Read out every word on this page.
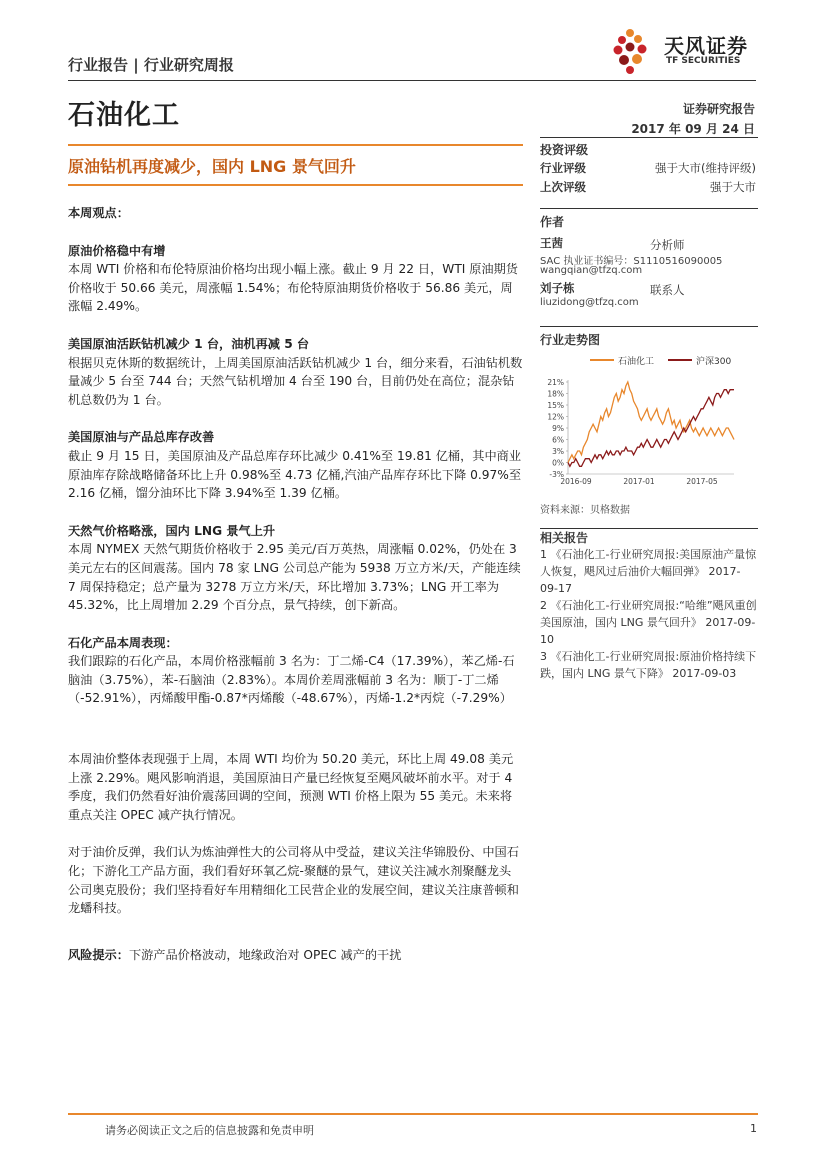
行业报告 | 行业研究周报
天风证券
TF SECURITIES
石油化工	证券研究报告
2017 年 09 月 24 日
原油钻机再度减少，国内 LNG 景气回升
本周观点：
原油价格稳中有增

本周 WTI 价格和布伦特原油价格均出现小幅上涨。截止 9 月 22 日，WTI 原油期货价格收于 50.66 美元，周涨幅 1.54%；布伦特原油期货价格收于 56.86 美元，周涨幅 2.49%。

美国原油活跃钻机减少 1 台，油机再减 5 台

根据贝克休斯的数据统计，上周美国原油活跃钻机减少 1 台，细分来看，石油钻机数量减少 5 台至 744 台；天然气钻机增加 4 台至 190 台，目前仍处在高位；混杂钻机总数仍为 1 台。

美国原油与产品总库存改善

截止 9 月 15 日，美国原油及产品总库存环比减少 0.41%至 19.81 亿桶，其中商业原油库存除战略储备环比上升 0.98%至 4.73 亿桶,汽油产品库存环比下降 0.97%至 2.16 亿桶，馏分油环比下降 3.94%至 1.39 亿桶。

天然气价格略涨，国内 LNG 景气上升

本周 NYMEX 天然气期货价格收于 2.95 美元/百万英热，周涨幅 0.02%，仍处在 3 美元左右的区间震荡。国内 78 家 LNG 公司总产能为 5938 万立方米/天，产能连续 7 周保持稳定；总产量为 3278 万立方米/天，环比增加 3.73%；LNG 开工率为 45.32%，比上周增加 2.29 个百分点，景气持续，创下新高。

石化产品本周表现：

我们跟踪的石化产品，本周价格涨幅前 3 名为：丁二烯-C4（17.39%），苯乙烯-石脑油（3.75%），苯-石脑油（2.83%）。本周价差周涨幅前 3 名为：顺丁-丁二烯（-52.91%），丙烯酸甲酯-0.87*丙烯酸（-48.67%），丙烯-1.2*丙烷（-7.29%）

本周油价整体表现强于上周，本周 WTI 均价为 50.20 美元，环比上周 49.08 美元上涨 2.29%。飓风影响消退，美国原油日产量已经恢复至飓风破坏前水平。对于 4 季度，我们仍然看好油价震荡回调的空间，预测 WTI 价格上限为 55 美元。未来将重点关注 OPEC 减产执行情况。

对于油价反弹，我们认为炼油弹性大的公司将从中受益，建议关注华锦股份、中国石化；下游化工产品方面，我们看好环氧乙烷-聚醚的景气，建议关注减水剂聚醚龙头公司奥克股份；我们坚持看好车用精细化工民营企业的发展空间，建议关注康普顿和龙蟠科技。

风险提示：下游产品价格波动，地缘政治对 OPEC 减产的干扰

投资评级
行业评级	强于大市(维持评级)
上次评级	强于大市
作者
王茜	分析师
SAC 执业证书编号：S1110516090005
wangqian@tfzq.com
刘子栋	联系人
liuzidong@tfzq.com
行业走势图
石油化工	沪深300
21%
18%
15%
12%
9%
6%
3%
0%
-3%
2016-09	2017-01	2017-05
资料来源：贝格数据
相关报告

1 《石油化工-行业研究周报:美国原油产量惊人恢复，飓风过后油价大幅回弹》 2017-09-17

2 《石油化工-行业研究周报:“哈维”飓风重创美国原油，国内 LNG 景气回升》 2017-09-10

3 《石油化工-行业研究周报:原油价格持续下跌，国内 LNG 景气下降》 2017-09-03

请务必阅读正文之后的信息披露和免责申明	1
